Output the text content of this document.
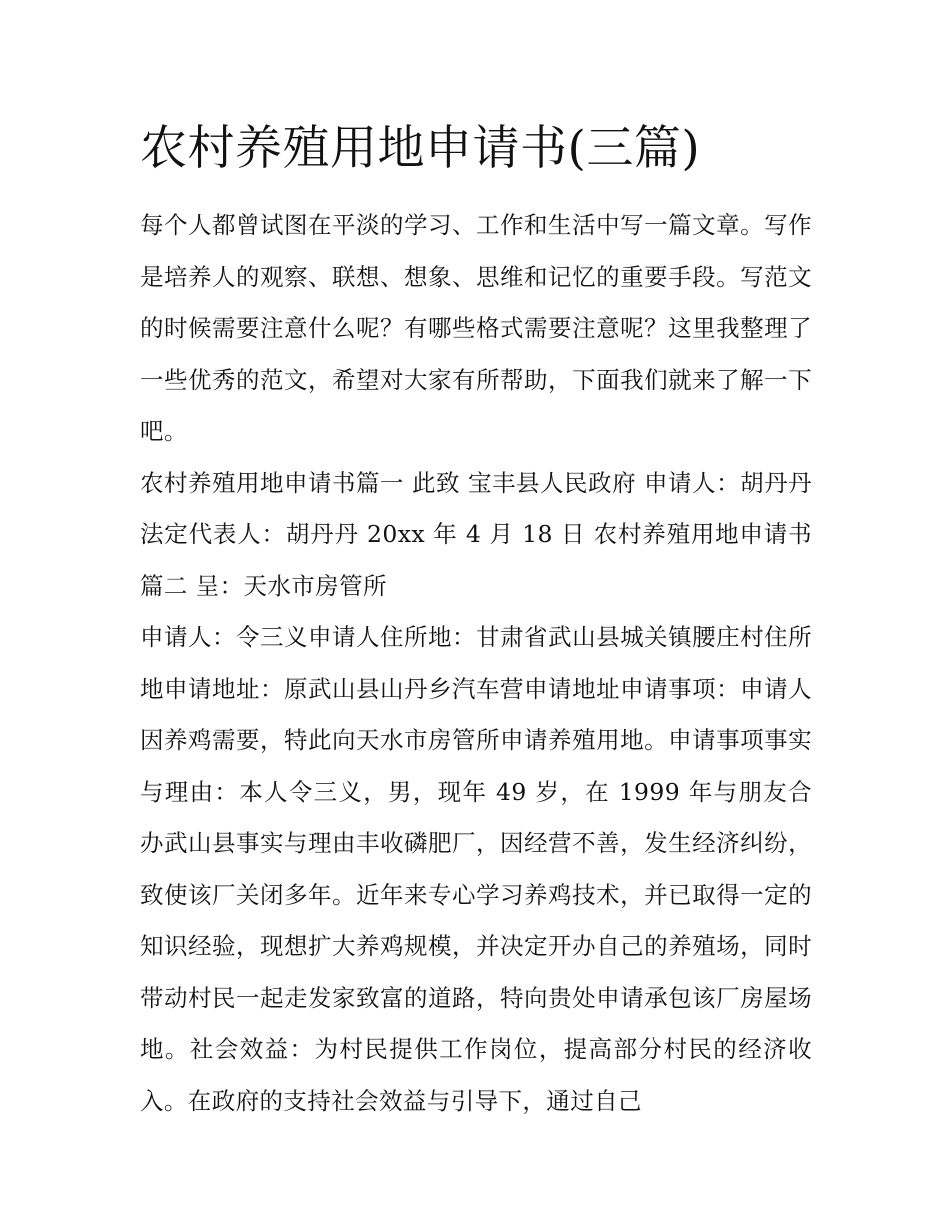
农村养殖用地申请书(三篇)

每个人都曾试图在平淡的学习、工作和生活中写一篇文章。写作是培养人的观察、联想、想象、思维和记忆的重要手段。写范文的时候需要注意什么呢？有哪些格式需要注意呢？这里我整理了一些优秀的范文，希望对大家有所帮助，下面我们就来了解一下吧。

农村养殖用地申请书篇一 此致 宝丰县人民政府 申请人：胡丹丹 法定代表人：胡丹丹 20xx 年 4 月 18 日 农村养殖用地申请书篇二 呈：天水市房管所

申请人：令三义申请人住所地：甘肃省武山县城关镇腰庄村住所地申请地址：原武山县山丹乡汽车营申请地址申请事项：申请人因养鸡需要，特此向天水市房管所申请养殖用地。申请事项事实与理由：本人令三义，男，现年 49 岁，在 1999 年与朋友合办武山县事实与理由丰收磷肥厂，因经营不善，发生经济纠纷，致使该厂关闭多年。近年来专心学习养鸡技术，并已取得一定的知识经验，现想扩大养鸡规模，并决定开办自己的养殖场，同时带动村民一起走发家致富的道路，特向贵处申请承包该厂房屋场地。社会效益：为村民提供工作岗位，提高部分村民的经济收入。在政府的支持社会效益与引导下，通过自己
